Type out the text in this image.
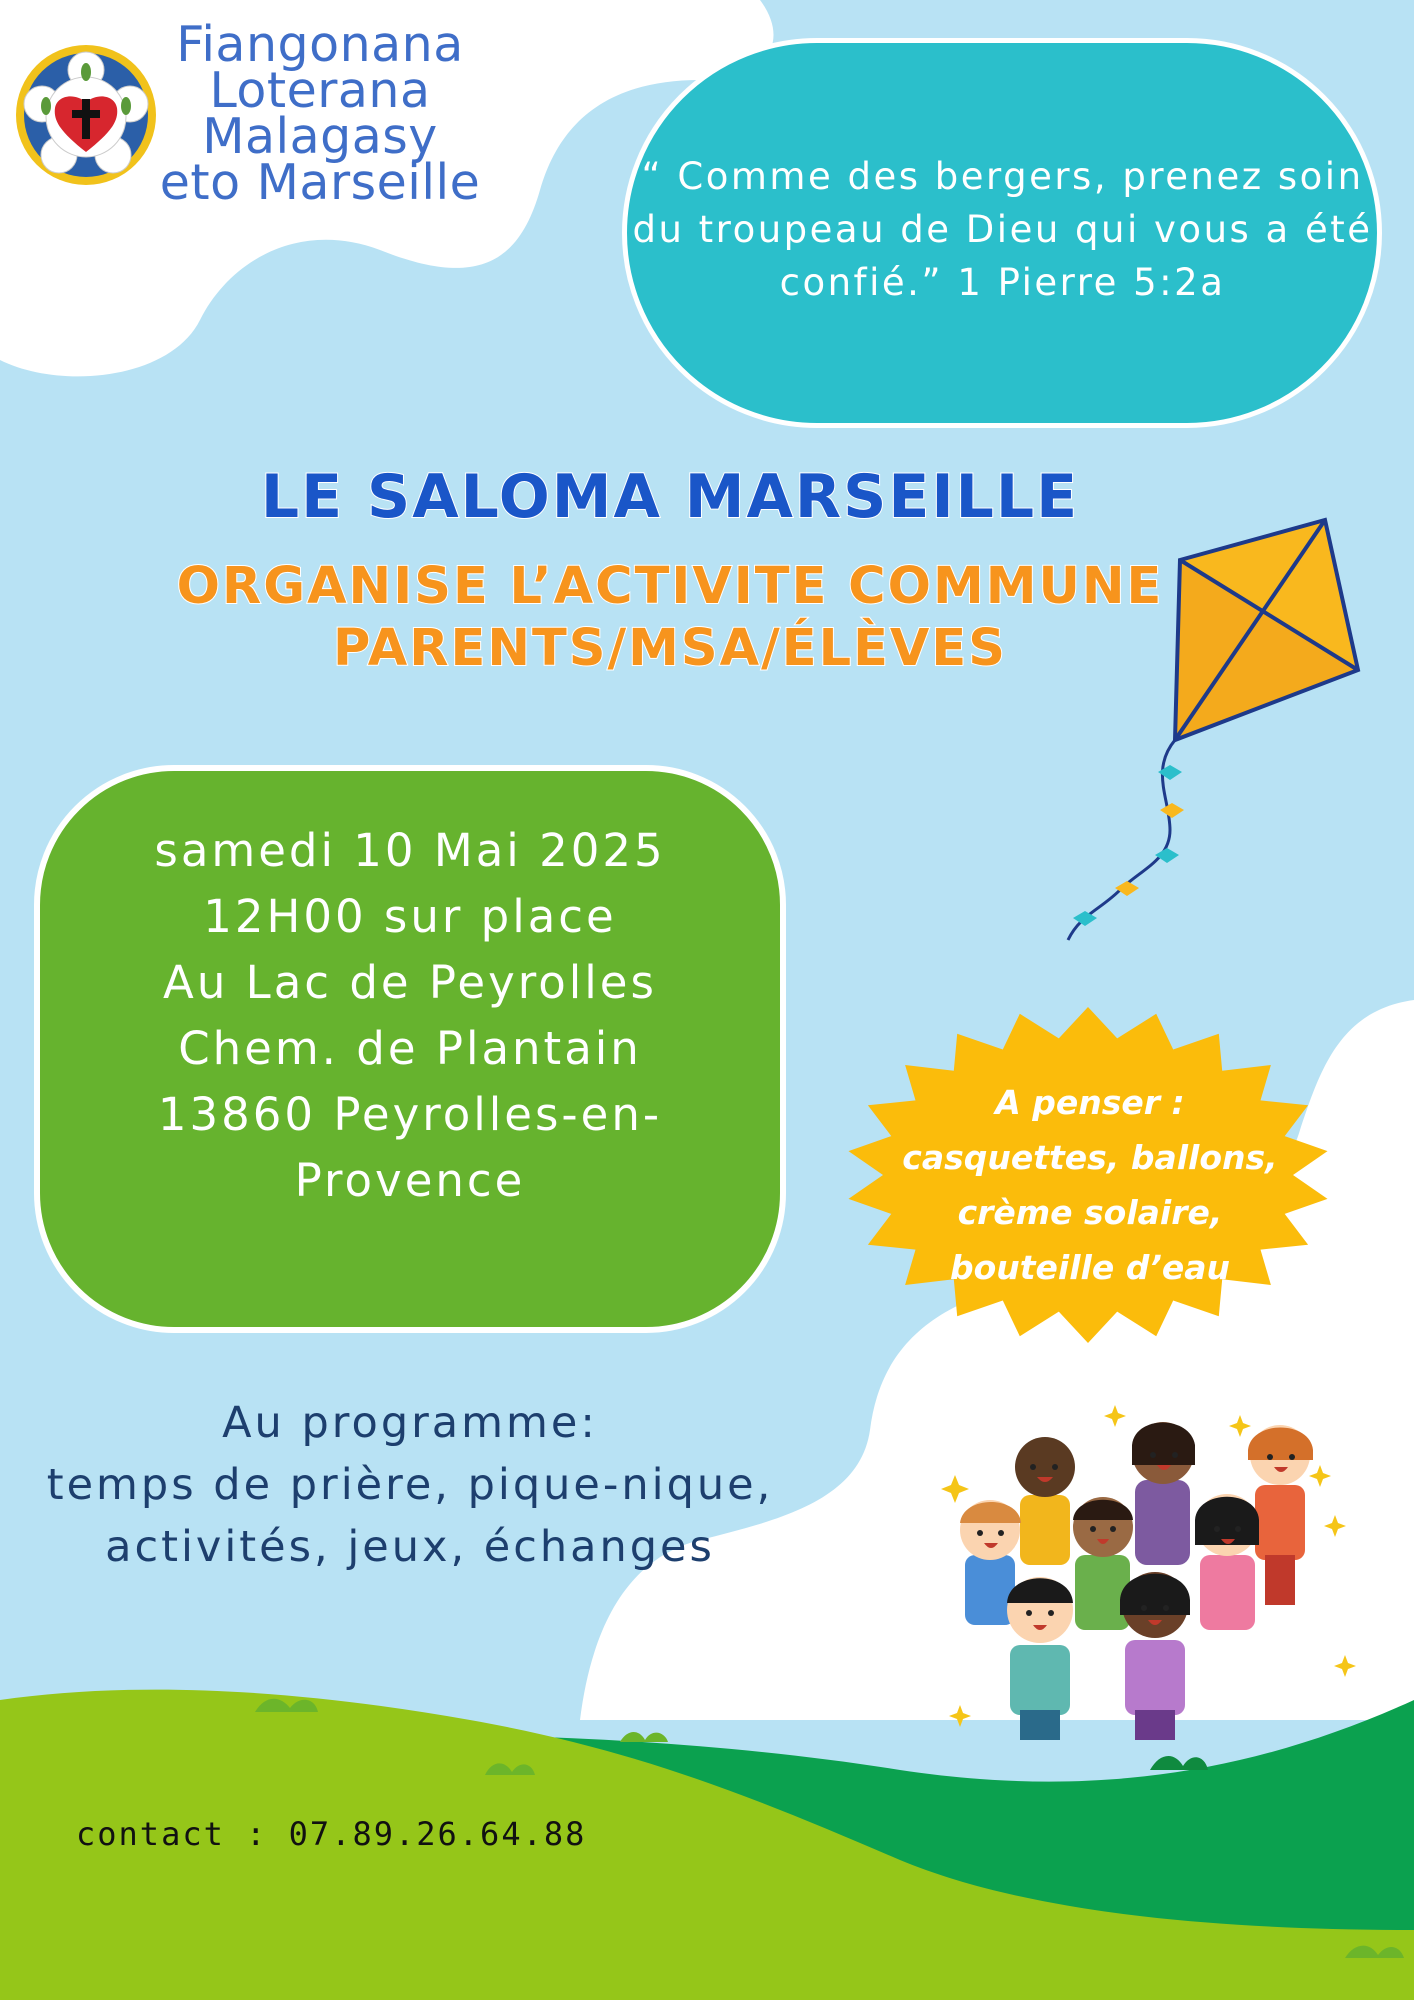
Fiangonana
Loterana
Malagasy
eto Marseille	“ Comme des bergers, prenez soin du troupeau de Dieu qui vous a été confié.” 1 Pierre 5:2a
LE SALOMA MARSEILLE
ORGANISE L’ACTIVITE COMMUNE
PARENTS/MSA/ÉLÈVES
samedi 10 Mai 2025
12H00 sur place
Au Lac de Peyrolles
Chem. de Plantain
13860 Peyrolles-en-
Provence
A penser :
casquettes, ballons,
crème solaire,
bouteille d’eau
Au programme:
temps de prière, pique-nique,
activités, jeux, échanges
contact : 07.89.26.64.88
